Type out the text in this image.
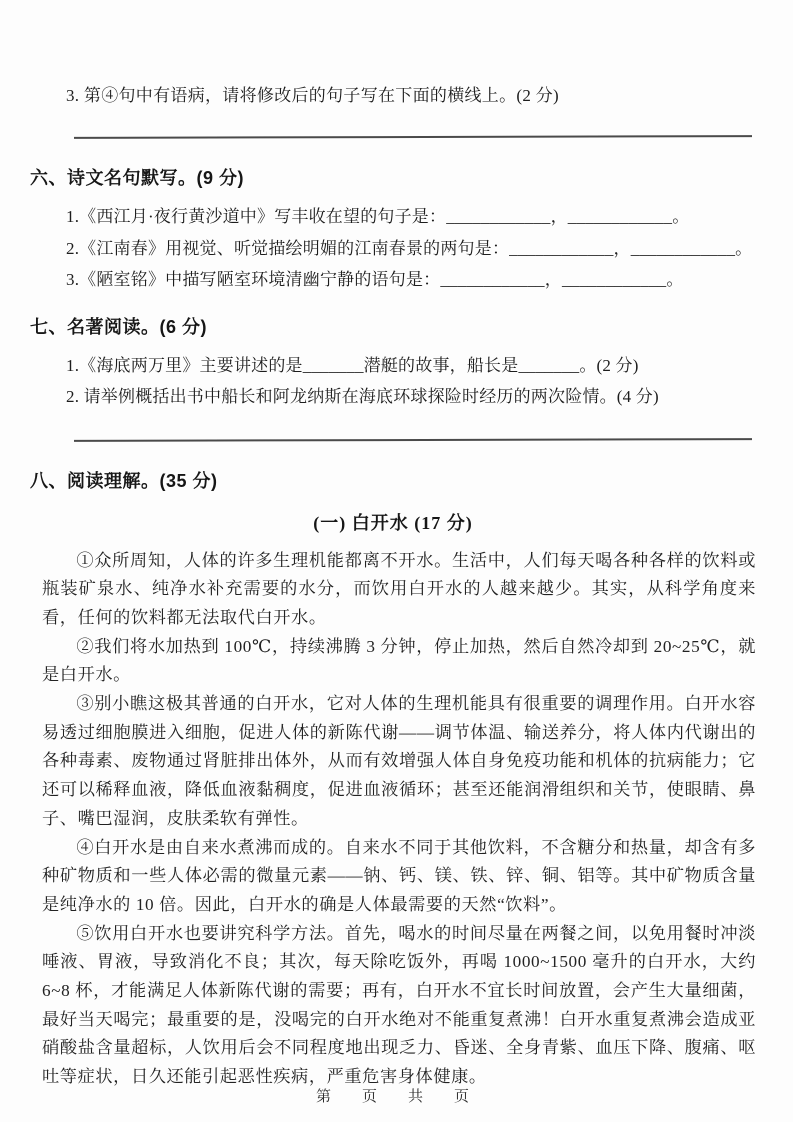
3. 第④句中有语病，请将修改后的句子写在下面的横线上。(2 分)
六、诗文名句默写。(9 分)
1.《西江月·夜行黄沙道中》写丰收在望的句子是：____________，____________。
2.《江南春》用视觉、听觉描绘明媚的江南春景的两句是：____________，____________。
3.《陋室铭》中描写陋室环境清幽宁静的语句是：____________，____________。
七、名著阅读。(6 分)
1.《海底两万里》主要讲述的是_______潜艇的故事，船长是_______。(2 分)
2. 请举例概括出书中船长和阿龙纳斯在海底环球探险时经历的两次险情。(4 分)
八、阅读理解。(35 分)
(一) 白开水 (17 分)

①众所周知，人体的许多生理机能都离不开水。生活中，人们每天喝各种各样的饮料或瓶装矿泉水、纯净水补充需要的水分，而饮用白开水的人越来越少。其实，从科学角度来看，任何的饮料都无法取代白开水。

②我们将水加热到 100℃，持续沸腾 3 分钟，停止加热，然后自然冷却到 20~25℃，就是白开水。

③别小瞧这极其普通的白开水，它对人体的生理机能具有很重要的调理作用。白开水容易透过细胞膜进入细胞，促进人体的新陈代谢——调节体温、输送养分，将人体内代谢出的各种毒素、废物通过肾脏排出体外，从而有效增强人体自身免疫功能和机体的抗病能力；它还可以稀释血液，降低血液黏稠度，促进血液循环；甚至还能润滑组织和关节，使眼睛、鼻子、嘴巴湿润，皮肤柔软有弹性。

④白开水是由自来水煮沸而成的。自来水不同于其他饮料，不含糖分和热量，却含有多种矿物质和一些人体必需的微量元素——钠、钙、镁、铁、锌、铜、铝等。其中矿物质含量是纯净水的 10 倍。因此，白开水的确是人体最需要的天然“饮料”。

⑤饮用白开水也要讲究科学方法。首先，喝水的时间尽量在两餐之间，以免用餐时冲淡唾液、胃液，导致消化不良；其次，每天除吃饭外，再喝 1000~1500 毫升的白开水，大约 6~8 杯，才能满足人体新陈代谢的需要；再有，白开水不宜长时间放置，会产生大量细菌，最好当天喝完；最重要的是，没喝完的白开水绝对不能重复煮沸！白开水重复煮沸会造成亚硝酸盐含量超标，人饮用后会不同程度地出现乏力、昏迷、全身青紫、血压下降、腹痛、呕吐等症状，日久还能引起恶性疾病，严重危害身体健康。

第　页　共　页
